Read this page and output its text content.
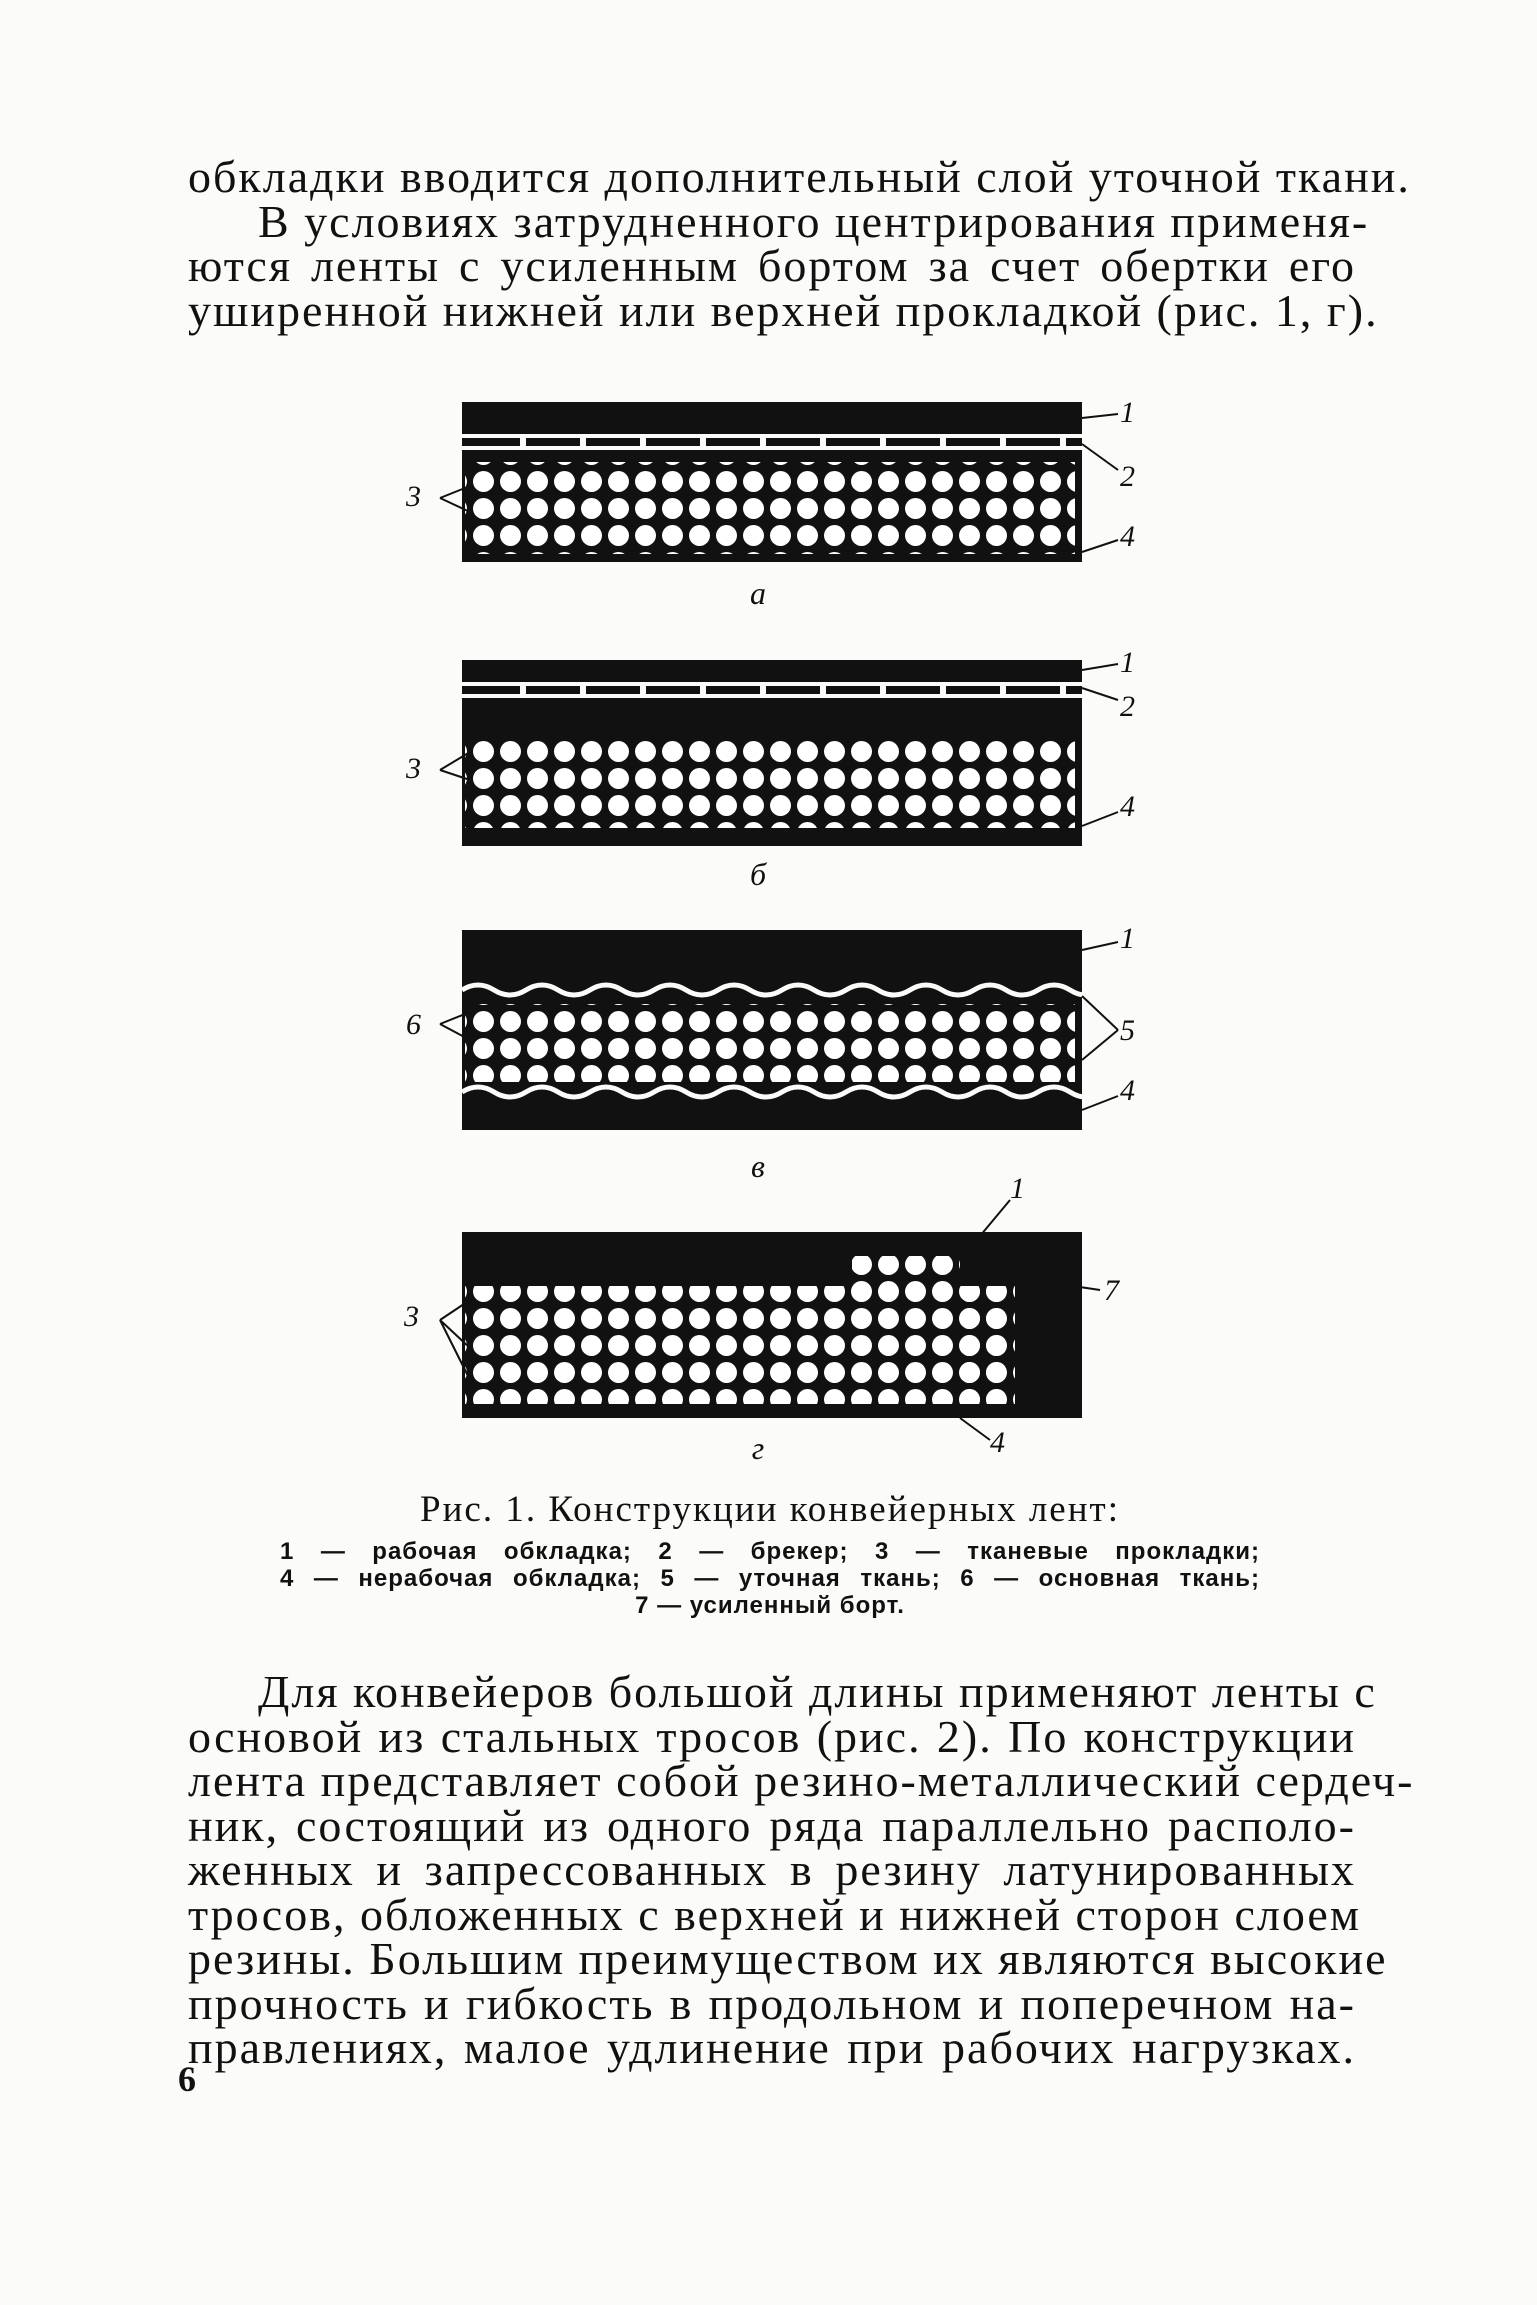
обкладки вводится дополнительный слой уточной ткани.
В условиях затрудненного центрирования применя-
ются ленты с усиленным бортом за счет обертки его
уширенной нижней или верхней прокладкой (рис. 1, г).
а
б
в
г
1
2
3
4
1
2
3
4
1
5
6
4
1
7
3
4
Рис. 1. Конструкции конвейерных лент:
1 — рабочая обкладка; 2 — брекер; 3 — тканевые прокладки;
4 — нерабочая обкладка; 5 — уточная ткань; 6 — основная ткань;
7 — усиленный борт.
Для конвейеров большой длины применяют ленты с
основой из стальных тросов (рис. 2). По конструкции
лента представляет собой резино-металлический сердеч-
ник, состоящий из одного ряда параллельно располо-
женных и запрессованных в резину латунированных
тросов, обложенных с верхней и нижней сторон слоем
резины. Большим преимуществом их являются высокие
прочность и гибкость в продольном и поперечном на-
правлениях, малое удлинение при рабочих нагрузках.
6
